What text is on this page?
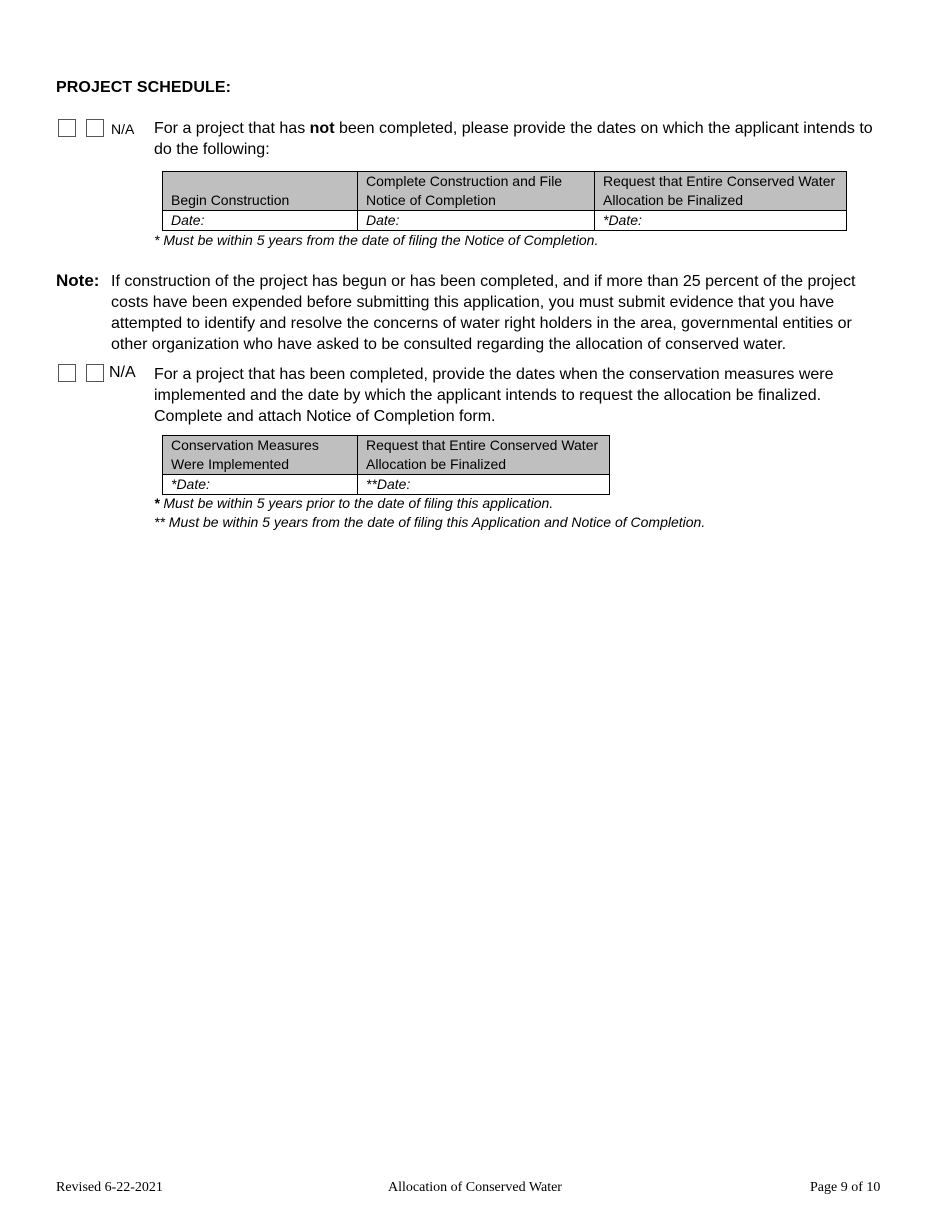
PROJECT SCHEDULE:
N/A For a project that has not been completed, please provide the dates on which the applicant intends to do the following:
Begin Construction	Complete Construction and File Notice of Completion	Request that Entire Conserved Water Allocation be Finalized
Date:	Date:	*Date:
* Must be within 5 years from the date of filing the Notice of Completion.
Note: If construction of the project has begun or has been completed, and if more than 25 percent of the project costs have been expended before submitting this application, you must submit evidence that you have attempted to identify and resolve the concerns of water right holders in the area, governmental entities or other organization who have asked to be consulted regarding the allocation of conserved water.
N/A For a project that has been completed, provide the dates when the conservation measures were implemented and the date by which the applicant intends to request the allocation be finalized. Complete and attach Notice of Completion form.
Conservation Measures Were Implemented	Request that Entire Conserved Water Allocation be Finalized
*Date:	**Date:
* Must be within 5 years prior to the date of filing this application.
** Must be within 5 years from the date of filing this Application and Notice of Completion.
Revised 6-22-2021	Allocation of Conserved Water	Page 9 of 10
